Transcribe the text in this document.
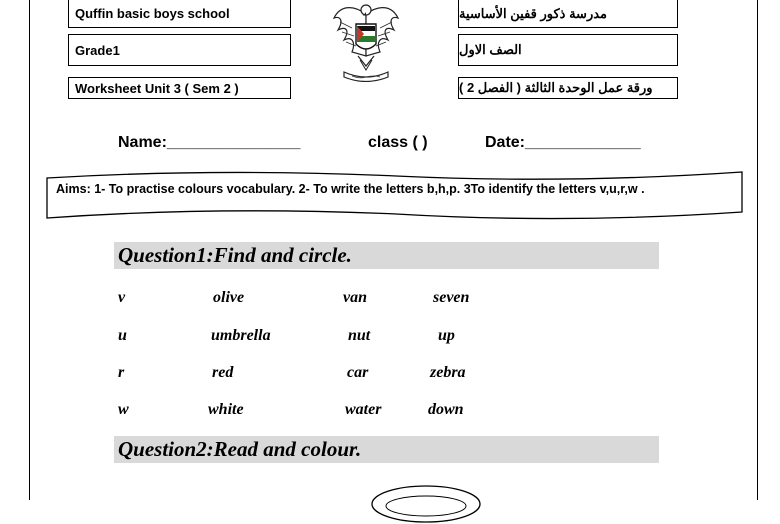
Quffin basic boys school
Grade1
Worksheet Unit 3 ( Sem 2 )
مدرسة ذكور قفين الأساسية
الصف الاول
ورقة عمل الوحدة الثالثة ( الفصل 2 )
Name:_______________	class ( )	Date:_____________
Aims: 1- To practise colours vocabulary. 2- To write the letters b,h,p. 3To identify the letters v,u,r,w .
Question1:Find and circle.
v	olive	van	seven
u	umbrella	nut	up
r	red	car	zebra
w	white	water	down
Question2:Read and colour.
